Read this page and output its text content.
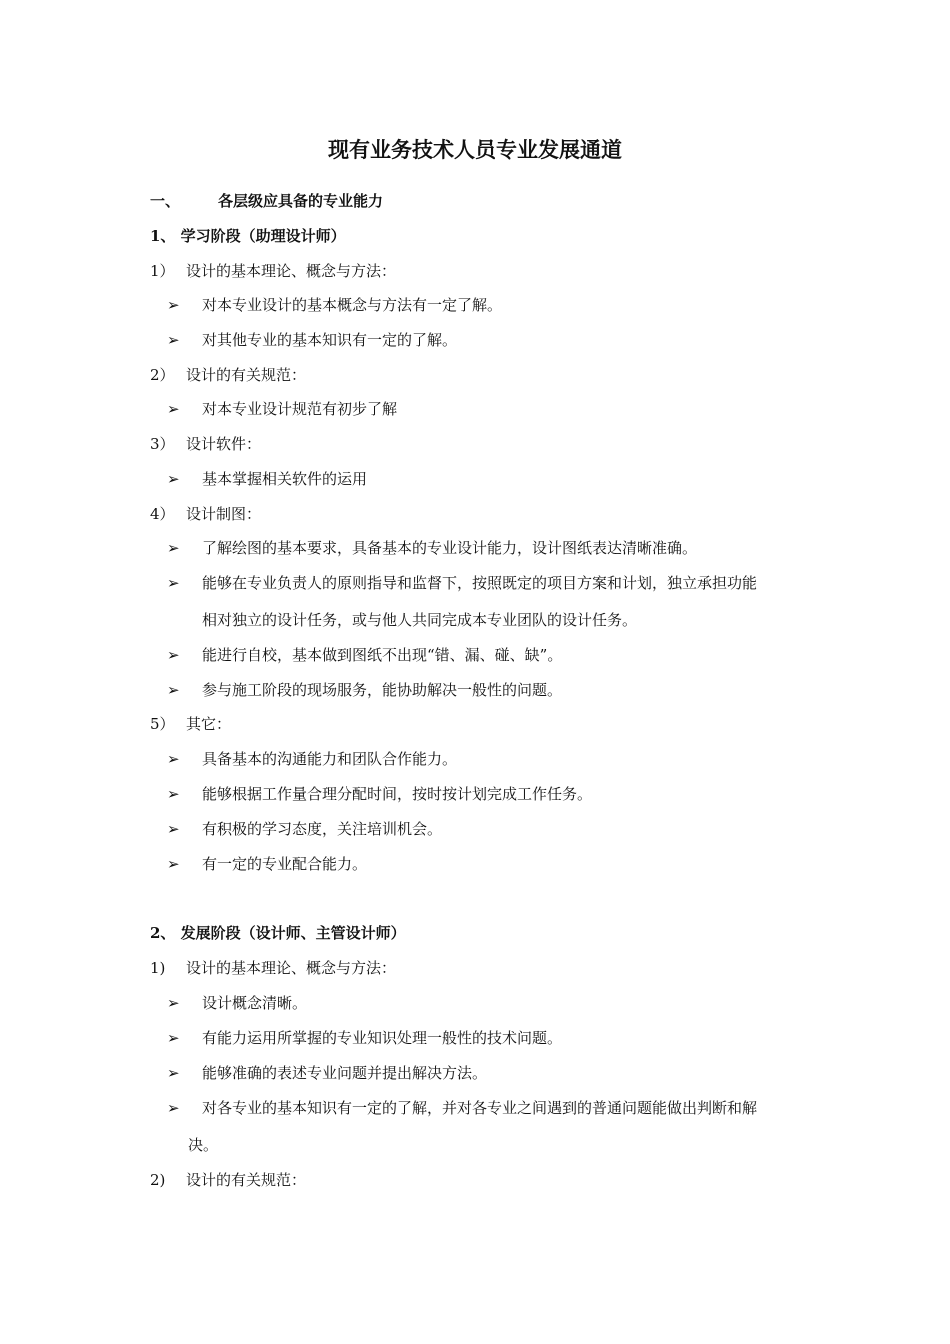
现有业务技术人员专业发展通道
一、	各层级应具备的专业能力
1、 学习阶段（助理设计师）
1） 设计的基本理论、概念与方法：
➢ 对本专业设计的基本概念与方法有一定了解。
➢ 对其他专业的基本知识有一定的了解。
2） 设计的有关规范：
➢ 对本专业设计规范有初步了解
3） 设计软件：
➢ 基本掌握相关软件的运用
4） 设计制图：
➢ 了解绘图的基本要求，具备基本的专业设计能力，设计图纸表达清晰准确。
➢ 能够在专业负责人的原则指导和监督下，按照既定的项目方案和计划，独立承担功能
相对独立的设计任务，或与他人共同完成本专业团队的设计任务。
➢ 能进行自校，基本做到图纸不出现“错、漏、碰、缺”。
➢ 参与施工阶段的现场服务，能协助解决一般性的问题。
5） 其它：
➢ 具备基本的沟通能力和团队合作能力。
➢ 能够根据工作量合理分配时间，按时按计划完成工作任务。
➢ 有积极的学习态度，关注培训机会。
➢ 有一定的专业配合能力。
2、 发展阶段（设计师、主管设计师）
1) 设计的基本理论、概念与方法：
➢ 设计概念清晰。
➢ 有能力运用所掌握的专业知识处理一般性的技术问题。
➢ 能够准确的表述专业问题并提出解决方法。
➢ 对各专业的基本知识有一定的了解，并对各专业之间遇到的普通问题能做出判断和解
决。
2) 设计的有关规范：
